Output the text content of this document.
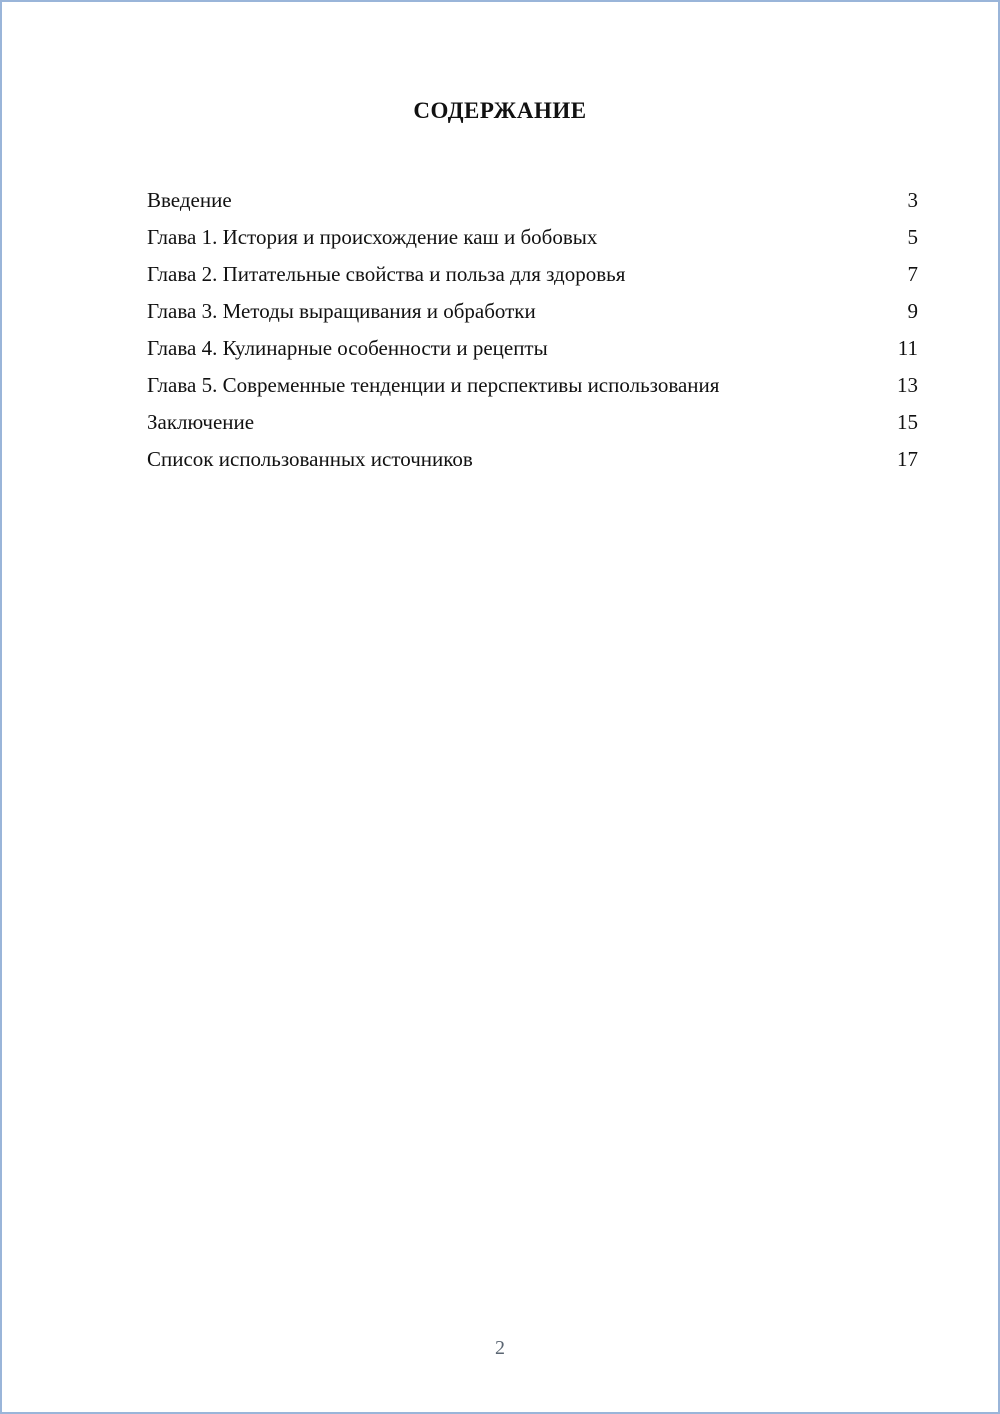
СОДЕРЖАНИЕ
Введение	3
Глава 1. История и происхождение каш и бобовых	5
Глава 2. Питательные свойства и польза для здоровья	7
Глава 3. Методы выращивания и обработки	9
Глава 4. Кулинарные особенности и рецепты	11
Глава 5. Современные тенденции и перспективы использования	13
Заключение	15
Список использованных источников	17
2
